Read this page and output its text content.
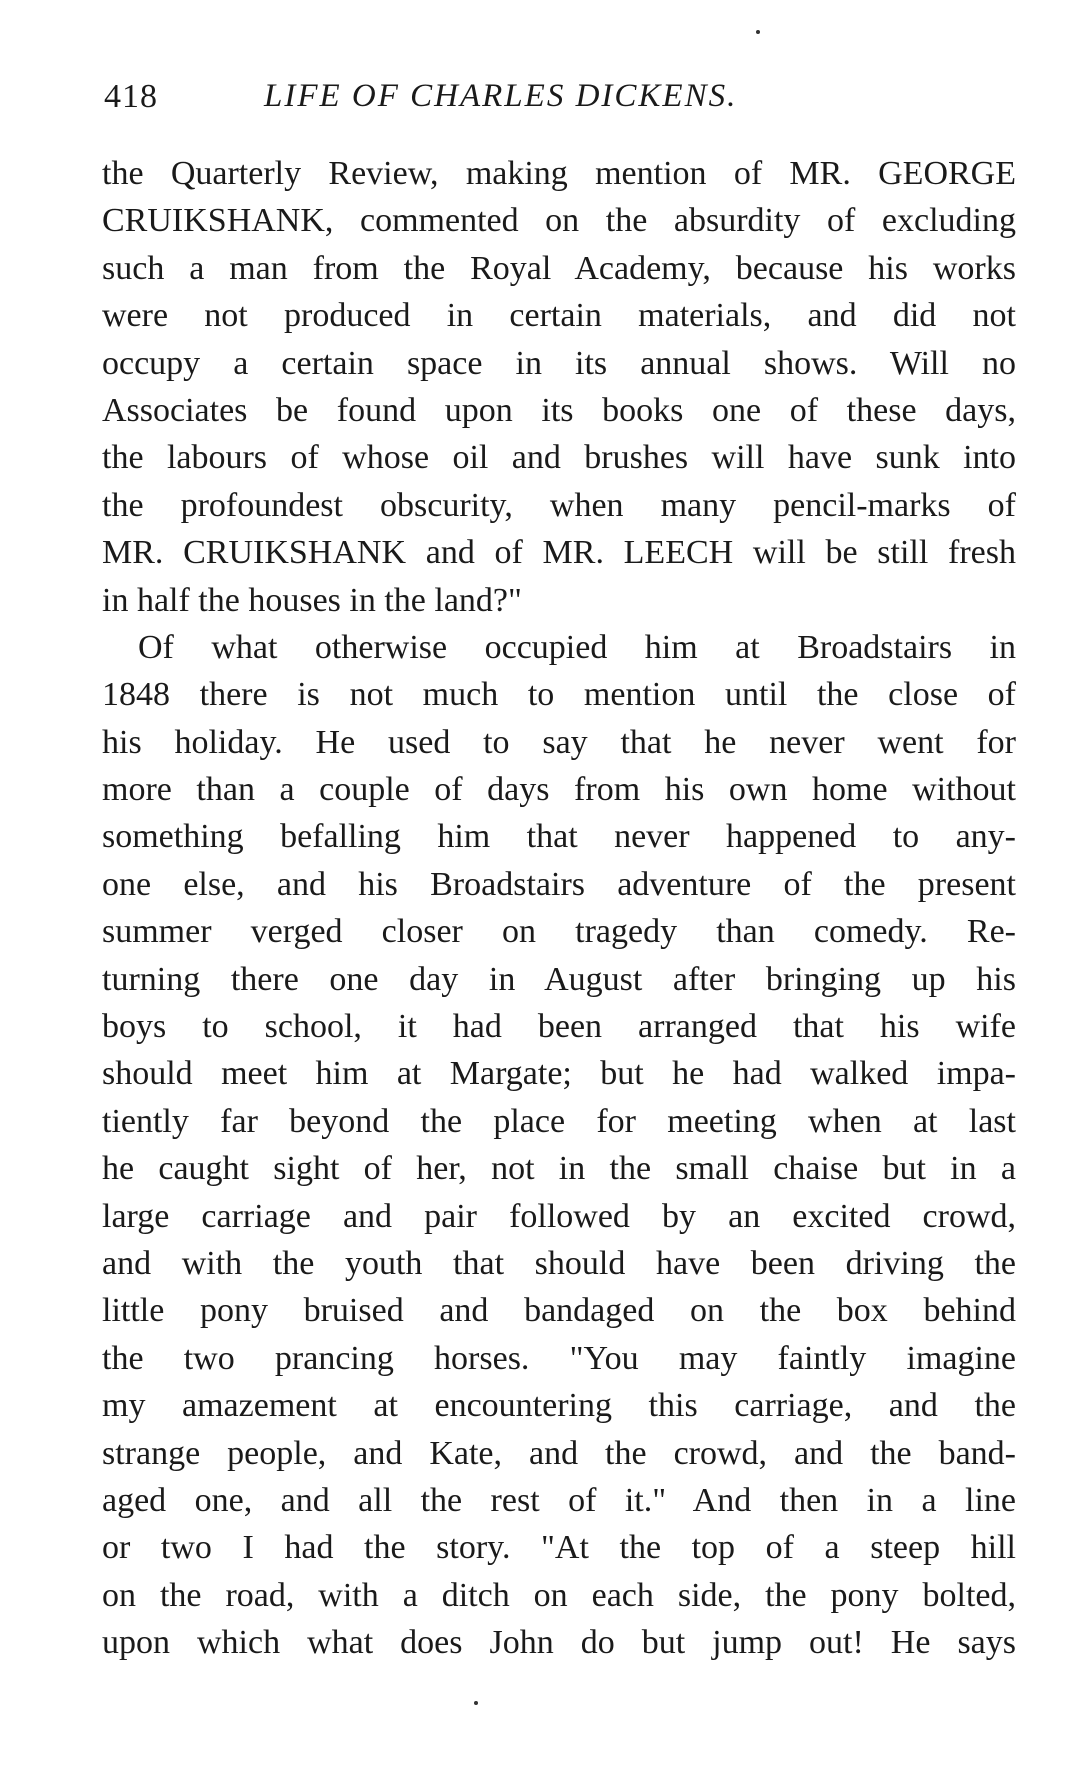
418	LIFE OF CHARLES DICKENS.
the Quarterly Review, making mention of MR. GEORGE
CRUIKSHANK, commented on the absurdity of excluding
such a man from the Royal Academy, because his works
were not produced in certain materials, and did not
occupy a certain space in its annual shows. Will no
Associates be found upon its books one of these days,
the labours of whose oil and brushes will have sunk into
the profoundest obscurity, when many pencil-marks of
MR. CRUIKSHANK and of MR. LEECH will be still fresh
in half the houses in the land?"
Of what otherwise occupied him at Broadstairs in
1848 there is not much to mention until the close of
his holiday. He used to say that he never went for
more than a couple of days from his own home without
something befalling him that never happened to any-
one else, and his Broadstairs adventure of the present
summer verged closer on tragedy than comedy. Re-
turning there one day in August after bringing up his
boys to school, it had been arranged that his wife
should meet him at Margate; but he had walked impa-
tiently far beyond the place for meeting when at last
he caught sight of her, not in the small chaise but in a
large carriage and pair followed by an excited crowd,
and with the youth that should have been driving the
little pony bruised and bandaged on the box behind
the two prancing horses. "You may faintly imagine
my amazement at encountering this carriage, and the
strange people, and Kate, and the crowd, and the band-
aged one, and all the rest of it." And then in a line
or two I had the story. "At the top of a steep hill
on the road, with a ditch on each side, the pony bolted,
upon which what does John do but jump out! He says
